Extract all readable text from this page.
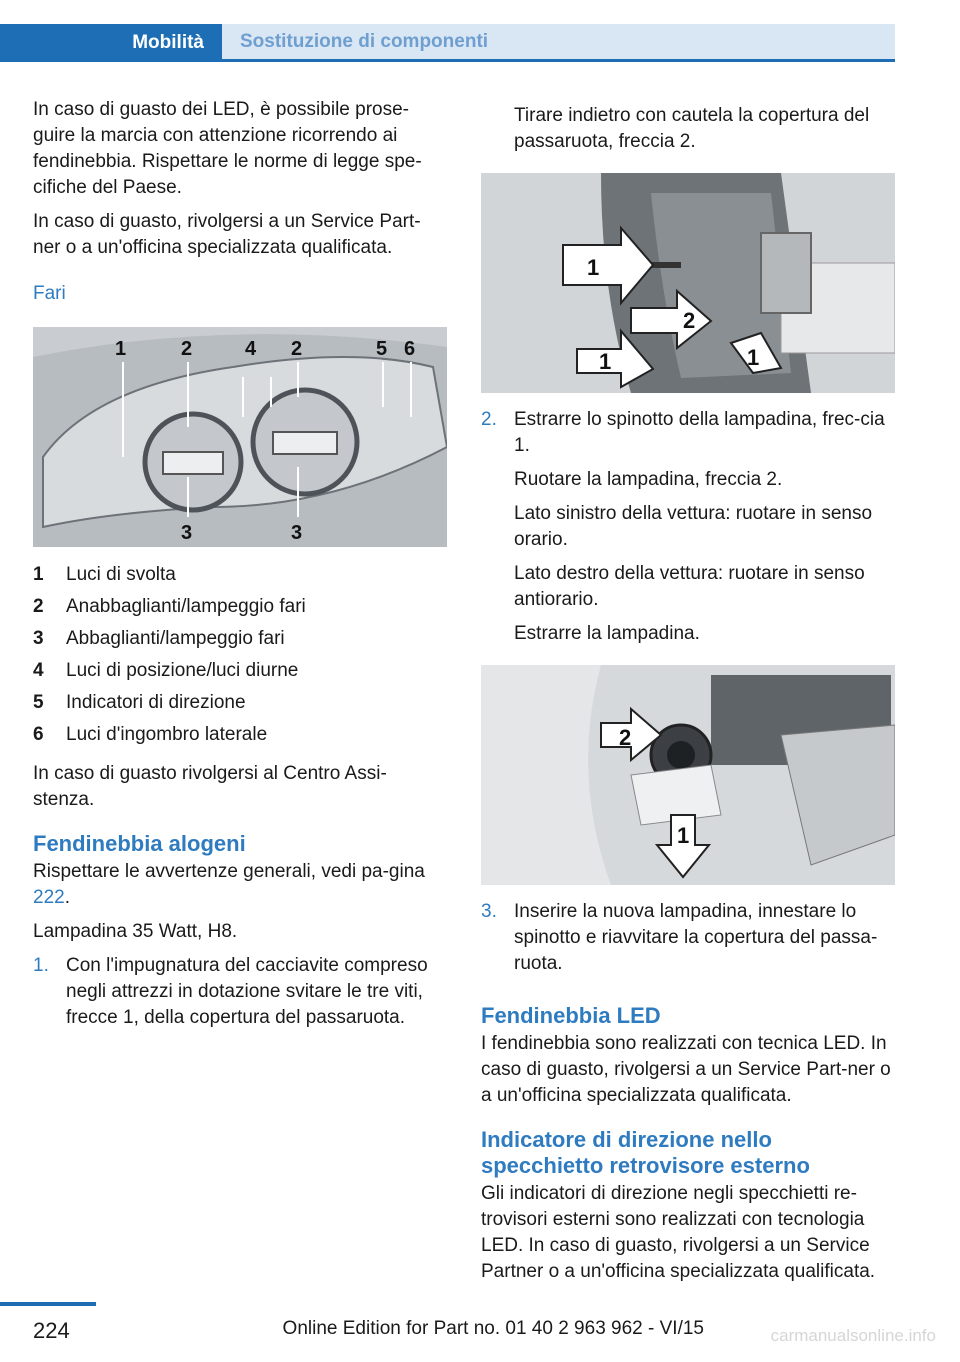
Mobilità	Sostituzione di componenti

In caso di guasto dei LED, è possibile prose‐guire la marcia con attenzione ricorrendo ai fendinebbia. Rispettare le norme di legge spe‐cifiche del Paese.

In caso di guasto, rivolgersi a un Service Part‐ner o a un'officina specializzata qualificata.

Fari
1	2	4 2	5 6
3	3
1	Luci di svolta
2	Anabbaglianti/lampeggio fari
3	Abbaglianti/lampeggio fari
4	Luci di posizione/luci diurne
5	Indicatori di direzione
6	Luci d'ingombro laterale

In caso di guasto rivolgersi al Centro Assi‐stenza.

Fendinebbia alogeni

Rispettare le avvertenze generali, vedi pa‐gina 222.

Lampadina 35 Watt, H8.

1. Con l'impugnatura del cacciavite compreso negli attrezzi in dotazione svitare le tre viti, frecce 1, della copertura del passaruota.

Tirare indietro con cautela la copertura del passaruota, freccia 2.

1
2
1	1
2. Estrarre lo spinotto della lampadina, frec‐cia 1.

Ruotare la lampadina, freccia 2.

Lato sinistro della vettura: ruotare in senso orario.

Lato destro della vettura: ruotare in senso antiorario.

Estrarre la lampadina.

2
1
3. Inserire la nuova lampadina, innestare lo spinotto e riavvitare la copertura del passa‐ruota.

Fendinebbia LED

I fendinebbia sono realizzati con tecnica LED. In caso di guasto, rivolgersi a un Service Part‐ner o a un'officina specializzata qualificata.

Indicatore di direzione nello specchietto retrovisore esterno

Gli indicatori di direzione negli specchietti re‐trovisori esterni sono realizzati con tecnologia LED. In caso di guasto, rivolgersi a un Service Partner o a un'officina specializzata qualificata.

224	Online Edition for Part no. 01 40 2 963 962 - VI/15	carmanualsonline.info
